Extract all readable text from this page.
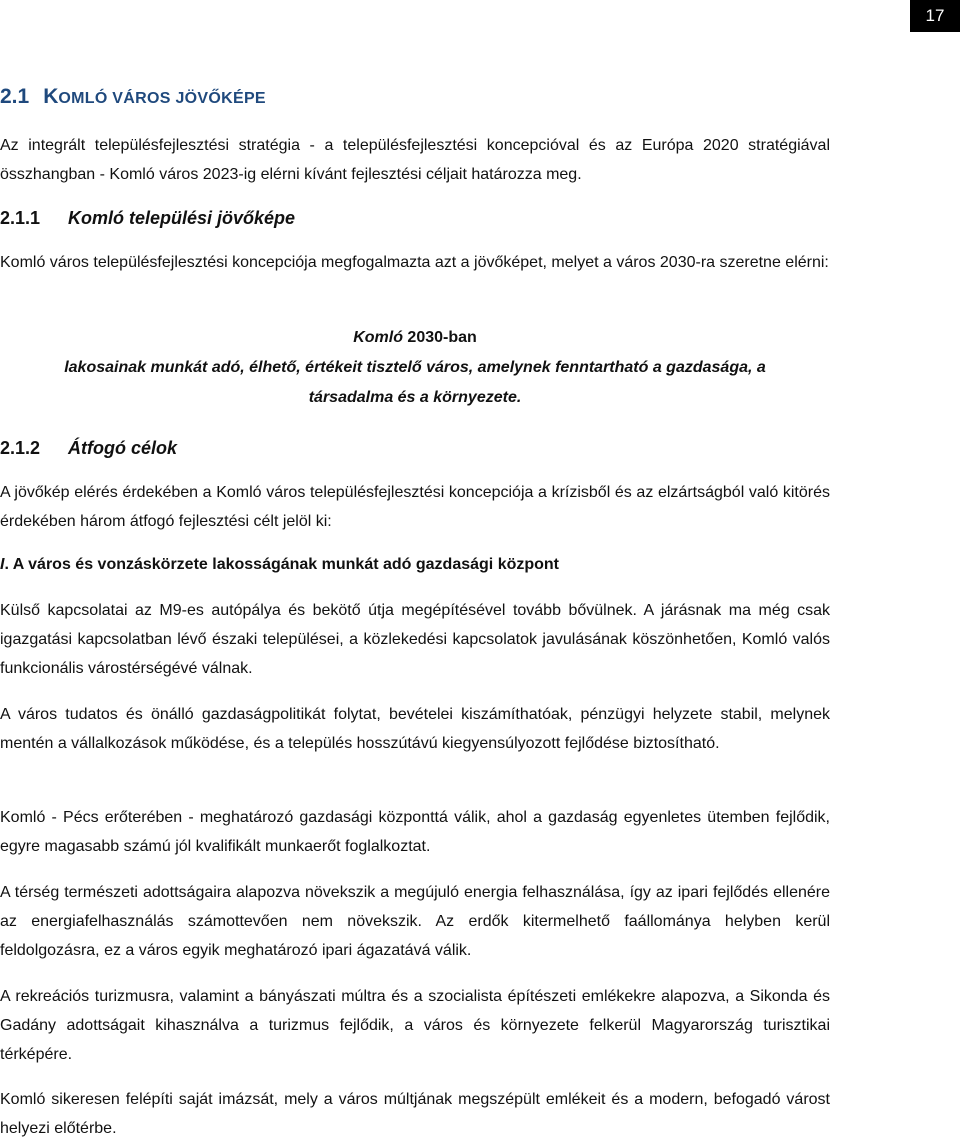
17
2.1 KOMLÓ VÁROS JÖVŐKÉPE

Az integrált településfejlesztési stratégia - a településfejlesztési koncepcióval és az Európa 2020 stratégiával összhangban - Komló város 2023-ig elérni kívánt fejlesztési céljait határozza meg.

2.1.1 Komló települési jövőképe

Komló város településfejlesztési koncepciója megfogalmazta azt a jövőképet, melyet a város 2030-ra szeretne elérni:

Komló 2030-ban
lakosainak munkát adó, élhető, értékeit tisztelő város, amelynek fenntartható a gazdasága, a
társadalma és a környezete.
2.1.2 Átfogó célok

A jövőkép elérés érdekében a Komló város településfejlesztési koncepciója a krízisből és az elzártságból való kitörés érdekében három átfogó fejlesztési célt jelöl ki:

I. A város és vonzáskörzete lakosságának munkát adó gazdasági központ

Külső kapcsolatai az M9-es autópálya és bekötő útja megépítésével tovább bővülnek. A járásnak ma még csak igazgatási kapcsolatban lévő északi települései, a közlekedési kapcsolatok javulásának köszönhetően, Komló valós funkcionális várostérségévé válnak.

A város tudatos és önálló gazdaságpolitikát folytat, bevételei kiszámíthatóak, pénzügyi helyzete stabil, melynek mentén a vállalkozások működése, és a település hosszútávú kiegyensúlyozott fejlődése biztosítható.

Komló - Pécs erőterében - meghatározó gazdasági központtá válik, ahol a gazdaság egyenletes ütemben fejlődik, egyre magasabb számú jól kvalifikált munkaerőt foglalkoztat.

A térség természeti adottságaira alapozva növekszik a megújuló energia felhasználása, így az ipari fejlődés ellenére az energiafelhasználás számottevően nem növekszik. Az erdők kitermelhető faállománya helyben kerül feldolgozásra, ez a város egyik meghatározó ipari ágazatává válik.

A rekreációs turizmusra, valamint a bányászati múltra és a szocialista építészeti emlékekre alapozva, a Sikonda és Gadány adottságait kihasználva a turizmus fejlődik, a város és környezete felkerül Magyarország turisztikai térképére.

Komló sikeresen felépíti saját imázsát, mely a város múltjának megszépült emlékeit és a modern, befogadó várost helyezi előtérbe.
